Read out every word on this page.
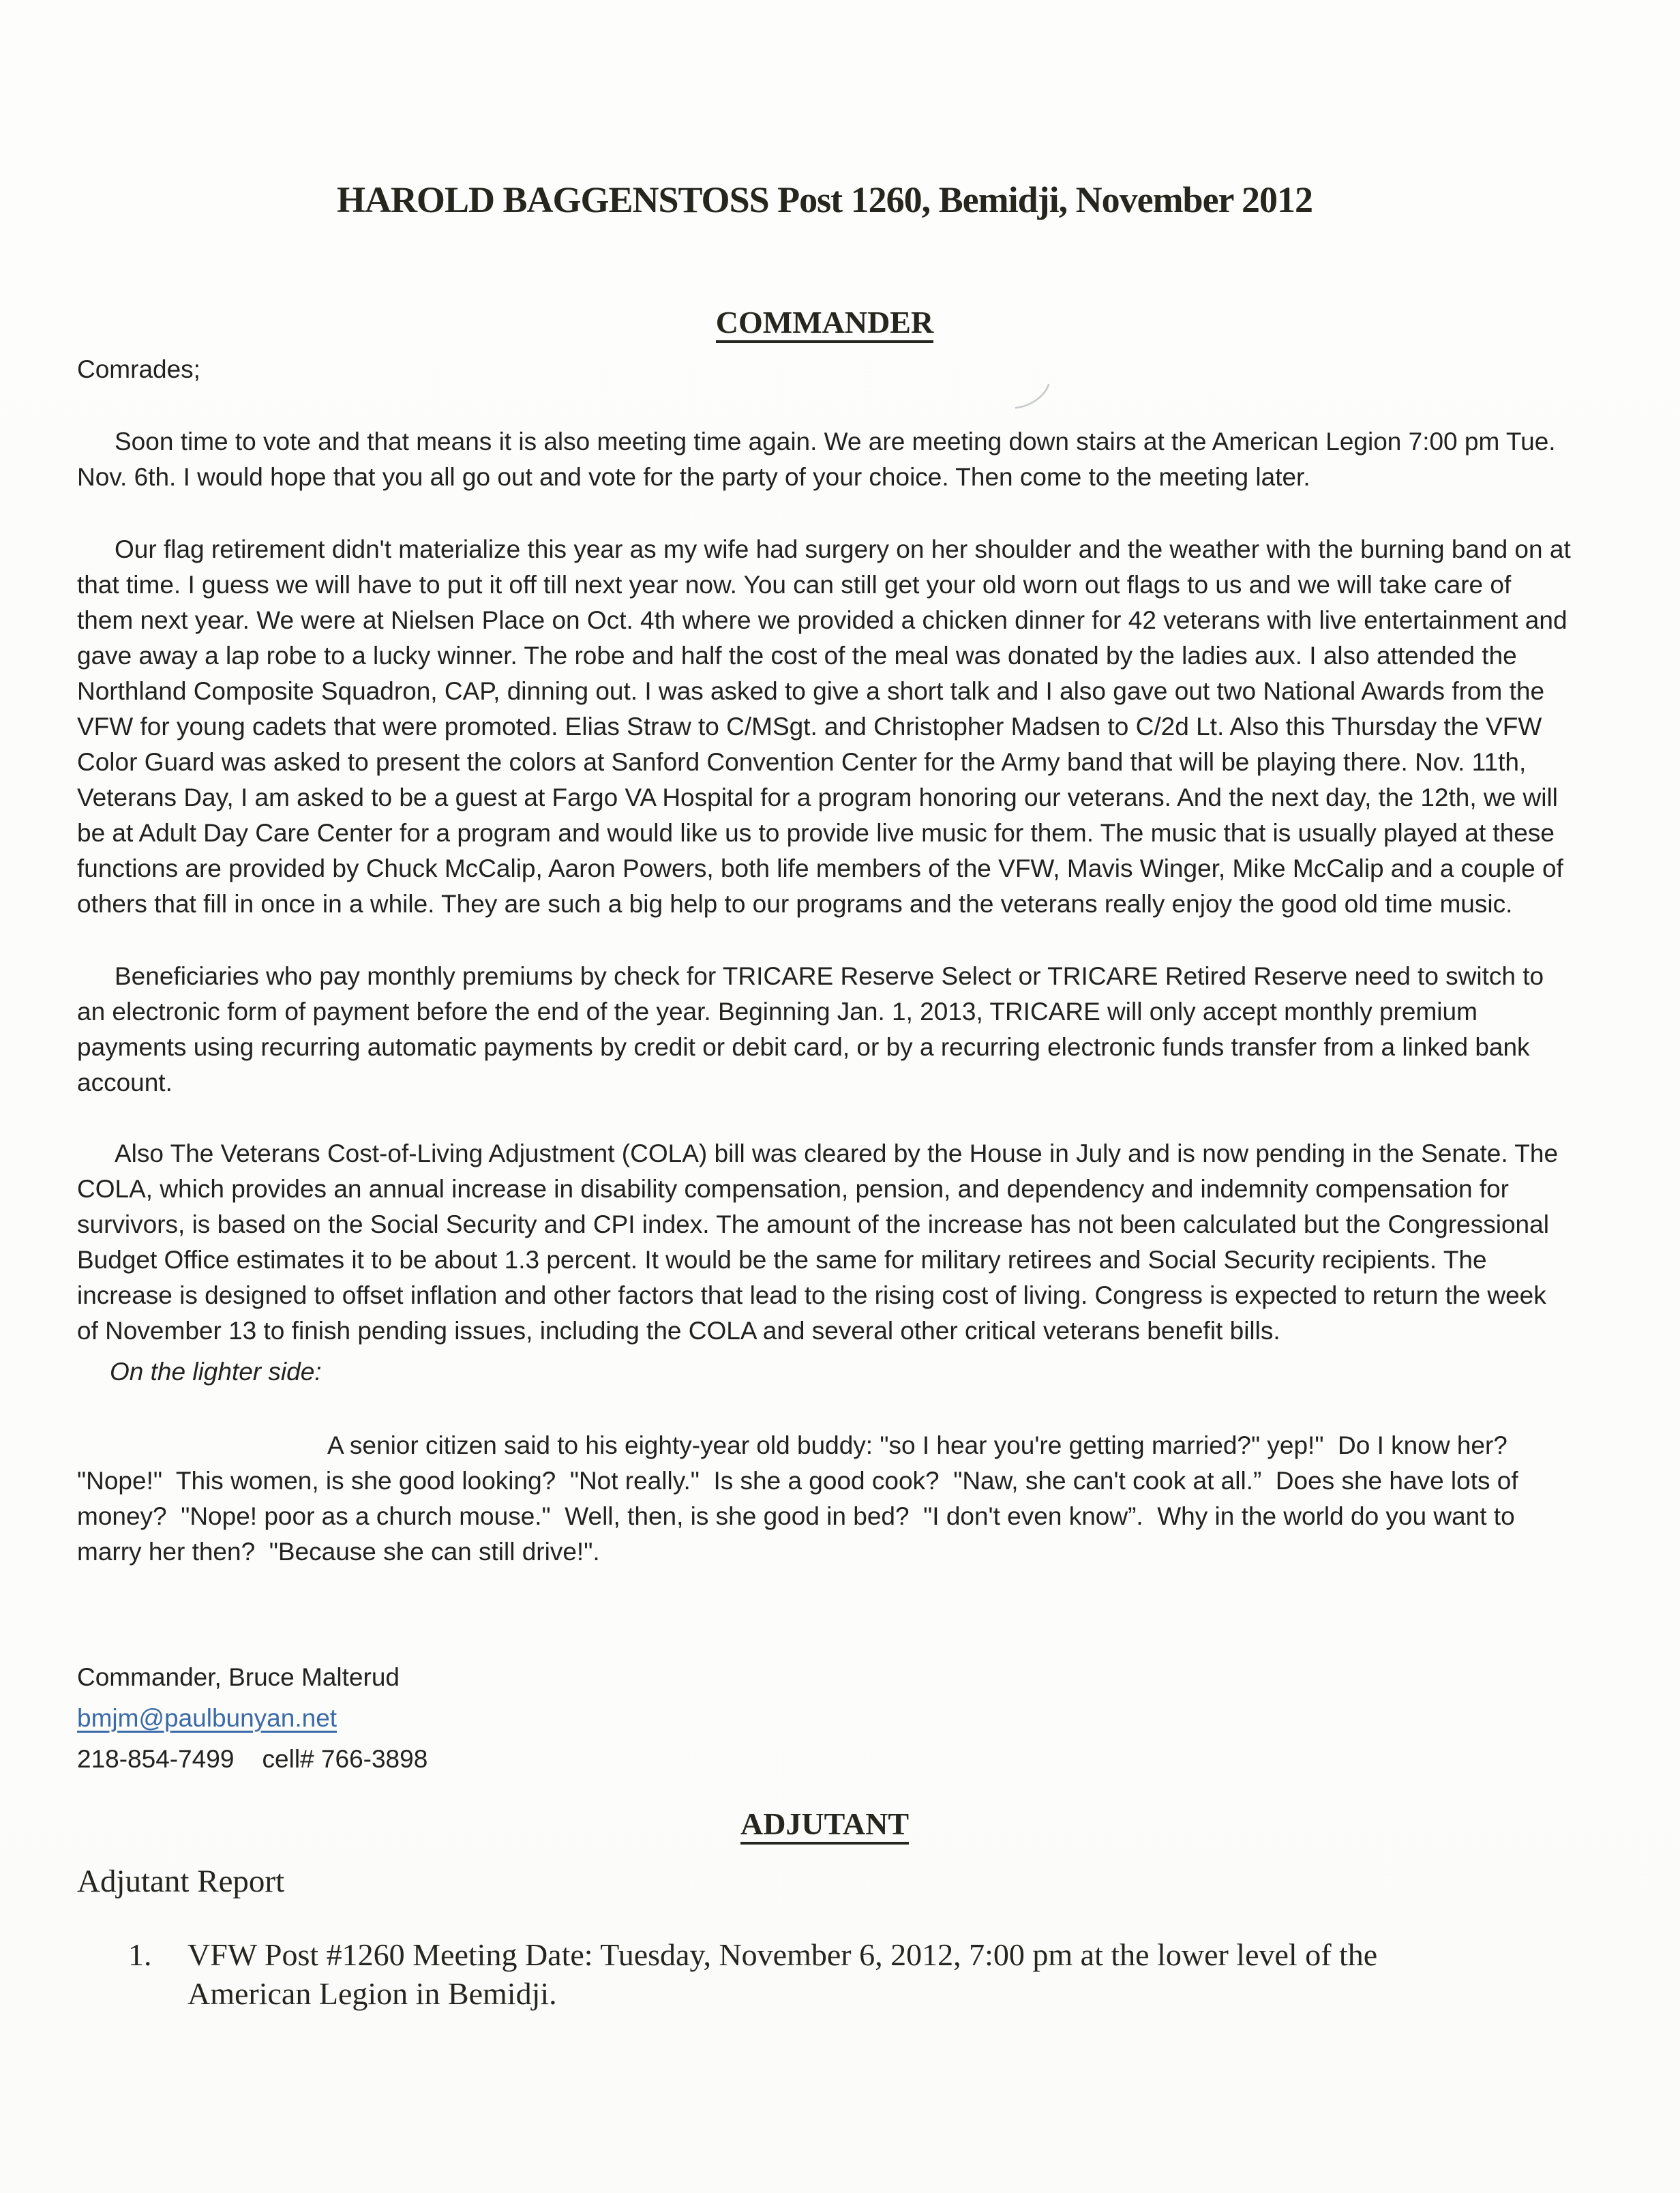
HAROLD BAGGENSTOSS Post 1260, Bemidji, November 2012
COMMANDER

Comrades;

Soon time to vote and that means it is also meeting time again. We are meeting down stairs at the American Legion 7:00 pm Tue. Nov. 6th. I would hope that you all go out and vote for the party of your choice. Then come to the meeting later.

Our flag retirement didn't materialize this year as my wife had surgery on her shoulder and the weather with the burning band on at that time. I guess we will have to put it off till next year now. You can still get your old worn out flags to us and we will take care of them next year. We were at Nielsen Place on Oct. 4th where we provided a chicken dinner for 42 veterans with live entertainment and gave away a lap robe to a lucky winner. The robe and half the cost of the meal was donated by the ladies aux. I also attended the Northland Composite Squadron, CAP, dinning out. I was asked to give a short talk and I also gave out two National Awards from the VFW for young cadets that were promoted. Elias Straw to C/MSgt. and Christopher Madsen to C/2d Lt. Also this Thursday the VFW Color Guard was asked to present the colors at Sanford Convention Center for the Army band that will be playing there. Nov. 11th, Veterans Day, I am asked to be a guest at Fargo VA Hospital for a program honoring our veterans. And the next day, the 12th, we will be at Adult Day Care Center for a program and would like us to provide live music for them. The music that is usually played at these functions are provided by Chuck McCalip, Aaron Powers, both life members of the VFW, Mavis Winger, Mike McCalip and a couple of others that fill in once in a while. They are such a big help to our programs and the veterans really enjoy the good old time music.

Beneficiaries who pay monthly premiums by check for TRICARE Reserve Select or TRICARE Retired Reserve need to switch to an electronic form of payment before the end of the year. Beginning Jan. 1, 2013, TRICARE will only accept monthly premium payments using recurring automatic payments by credit or debit card, or by a recurring electronic funds transfer from a linked bank account.

Also The Veterans Cost-of-Living Adjustment (COLA) bill was cleared by the House in July and is now pending in the Senate. The COLA, which provides an annual increase in disability compensation, pension, and dependency and indemnity compensation for survivors, is based on the Social Security and CPI index. The amount of the increase has not been calculated but the Congressional Budget Office estimates it to be about 1.3 percent. It would be the same for military retirees and Social Security recipients. The increase is designed to offset inflation and other factors that lead to the rising cost of living. Congress is expected to return the week of November 13 to finish pending issues, including the COLA and several other critical veterans benefit bills.

On the lighter side:

A senior citizen said to his eighty-year old buddy: "so I hear you're getting married?" yep!"  Do I know her? "Nope!"  This women, is she good looking?  "Not really."  Is she a good cook?  "Naw, she can't cook at all.”  Does she have lots of money?  "Nope! poor as a church mouse."  Well, then, is she good in bed?  "I don't even know”.  Why in the world do you want to marry her then?  "Because she can still drive!".

Commander, Bruce Malterud
bmjm@paulbunyan.net
218-854-7499    cell# 766-3898
ADJUTANT

Adjutant Report

1. VFW Post #1260 Meeting Date: Tuesday, November 6, 2012, 7:00 pm at the lower level of the American Legion in Bemidji.
